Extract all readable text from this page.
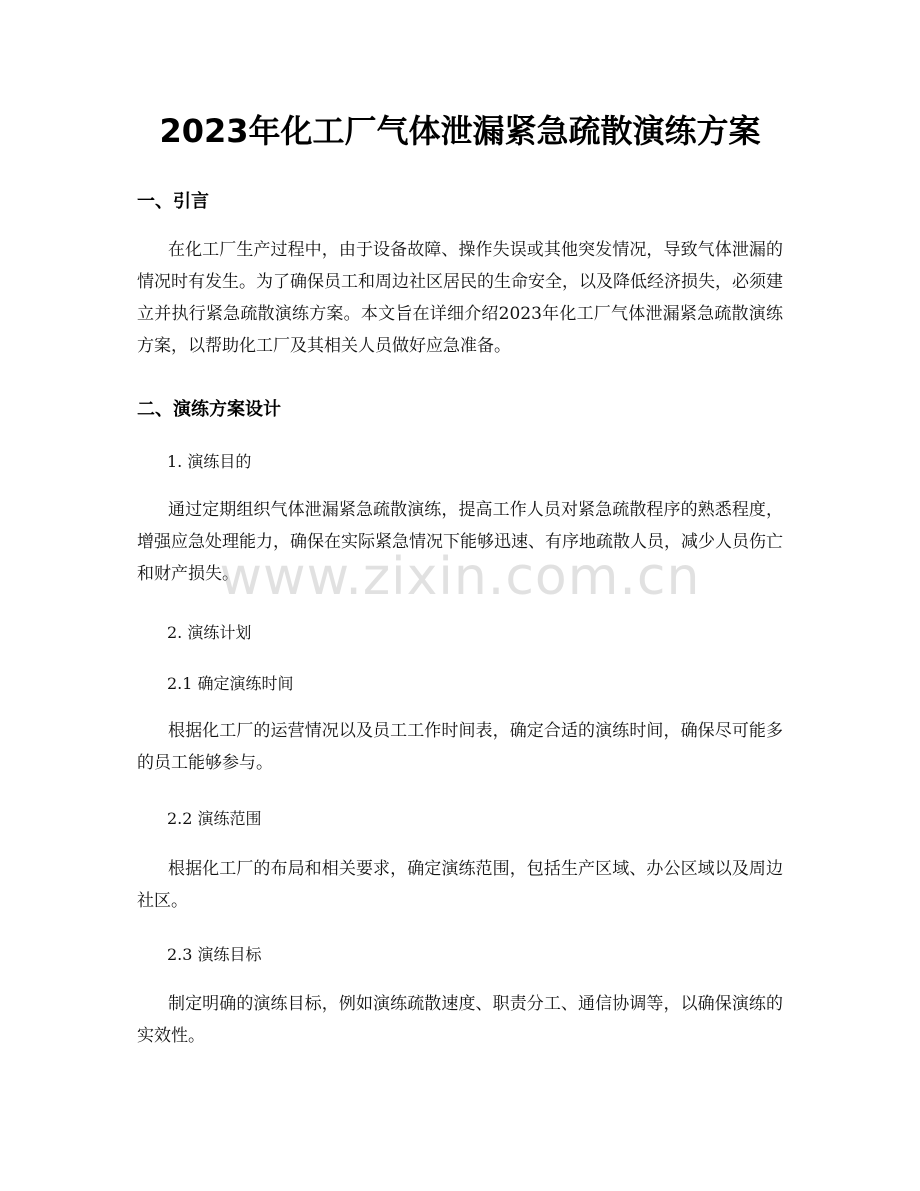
2023年化工厂气体泄漏紧急疏散演练方案
一、引言
在化工厂生产过程中，由于设备故障、操作失误或其他突发情况，导致气体泄漏的情况时有发生。为了确保员工和周边社区居民的生命安全，以及降低经济损失，必须建立并执行紧急疏散演练方案。本文旨在详细介绍2023年化工厂气体泄漏紧急疏散演练方案，以帮助化工厂及其相关人员做好应急准备。
二、演练方案设计
1. 演练目的
通过定期组织气体泄漏紧急疏散演练，提高工作人员对紧急疏散程序的熟悉程度，增强应急处理能力，确保在实际紧急情况下能够迅速、有序地疏散人员，减少人员伤亡和财产损失。
2. 演练计划
2.1 确定演练时间
根据化工厂的运营情况以及员工工作时间表，确定合适的演练时间，确保尽可能多的员工能够参与。
2.2 演练范围
根据化工厂的布局和相关要求，确定演练范围，包括生产区域、办公区域以及周边社区。
2.3 演练目标
制定明确的演练目标，例如演练疏散速度、职责分工、通信协调等，以确保演练的实效性。
www.zixin.com.cn
